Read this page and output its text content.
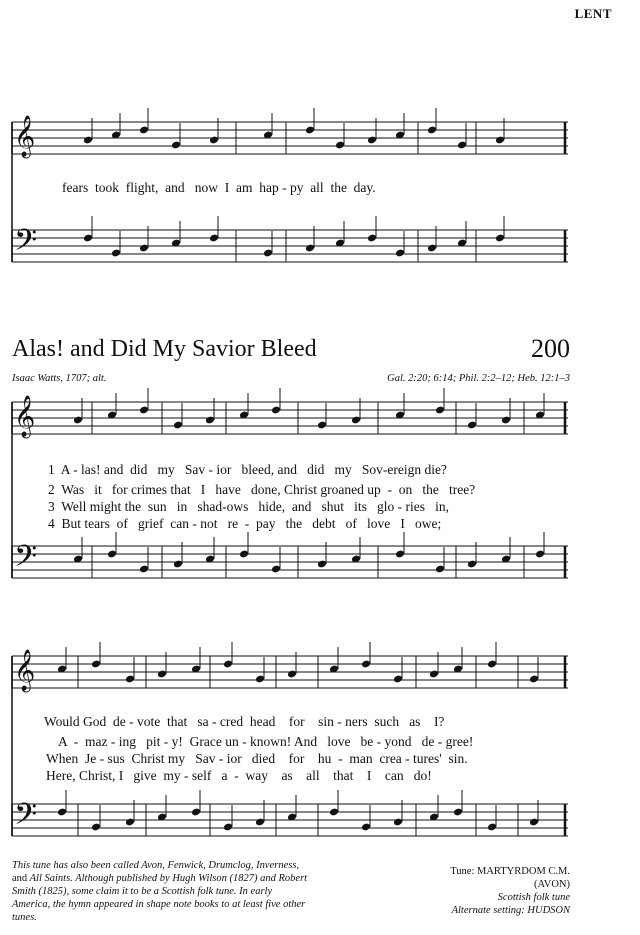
LENT
𝄞
𝄢
𝄞
𝄢
𝄞
𝄢
fears  took  flight,  and   now  I  am  hap - py  all  the  day.
Alas! and Did My Savior Bleed	200
Isaac Watts, 1707; alt.	Gal. 2:20; 6:14; Phil. 2:2–12; Heb. 12:1–3
1  A - las! and  did   my   Sav - ior   bleed, and   did   my   Sov-ereign die?
2  Was   it   for crimes that   I   have   done, Christ groaned up  -  on   the   tree?
3  Well might the  sun   in   shad-ows   hide,  and   shut   its   glo - ries   in,
4  But tears  of   grief  can - not   re  -  pay   the   debt   of   love   I   owe;
Would God  de - vote  that   sa - cred  head    for    sin - ners  such   as    I?
A  -  maz - ing   pit - y!  Grace un - known! And   love   be - yond   de - gree!
When  Je - sus  Christ my   Sav - ior   died    for    hu  -  man  crea - tures'  sin.
Here, Christ, I   give  my - self   a  -  way    as    all    that    I    can   do!
This tune has also been called Avon, Fenwick, Drumclog, Inverness, and All Saints. Although published by Hugh Wilson (1827) and Robert Smith (1825), some claim it to be a Scottish folk tune. In early America, the hymn appeared in shape note books to at least five other tunes.
Tune: MARTYRDOM C.M.
(AVON)
Scottish folk tune
Alternate setting: HUDSON
